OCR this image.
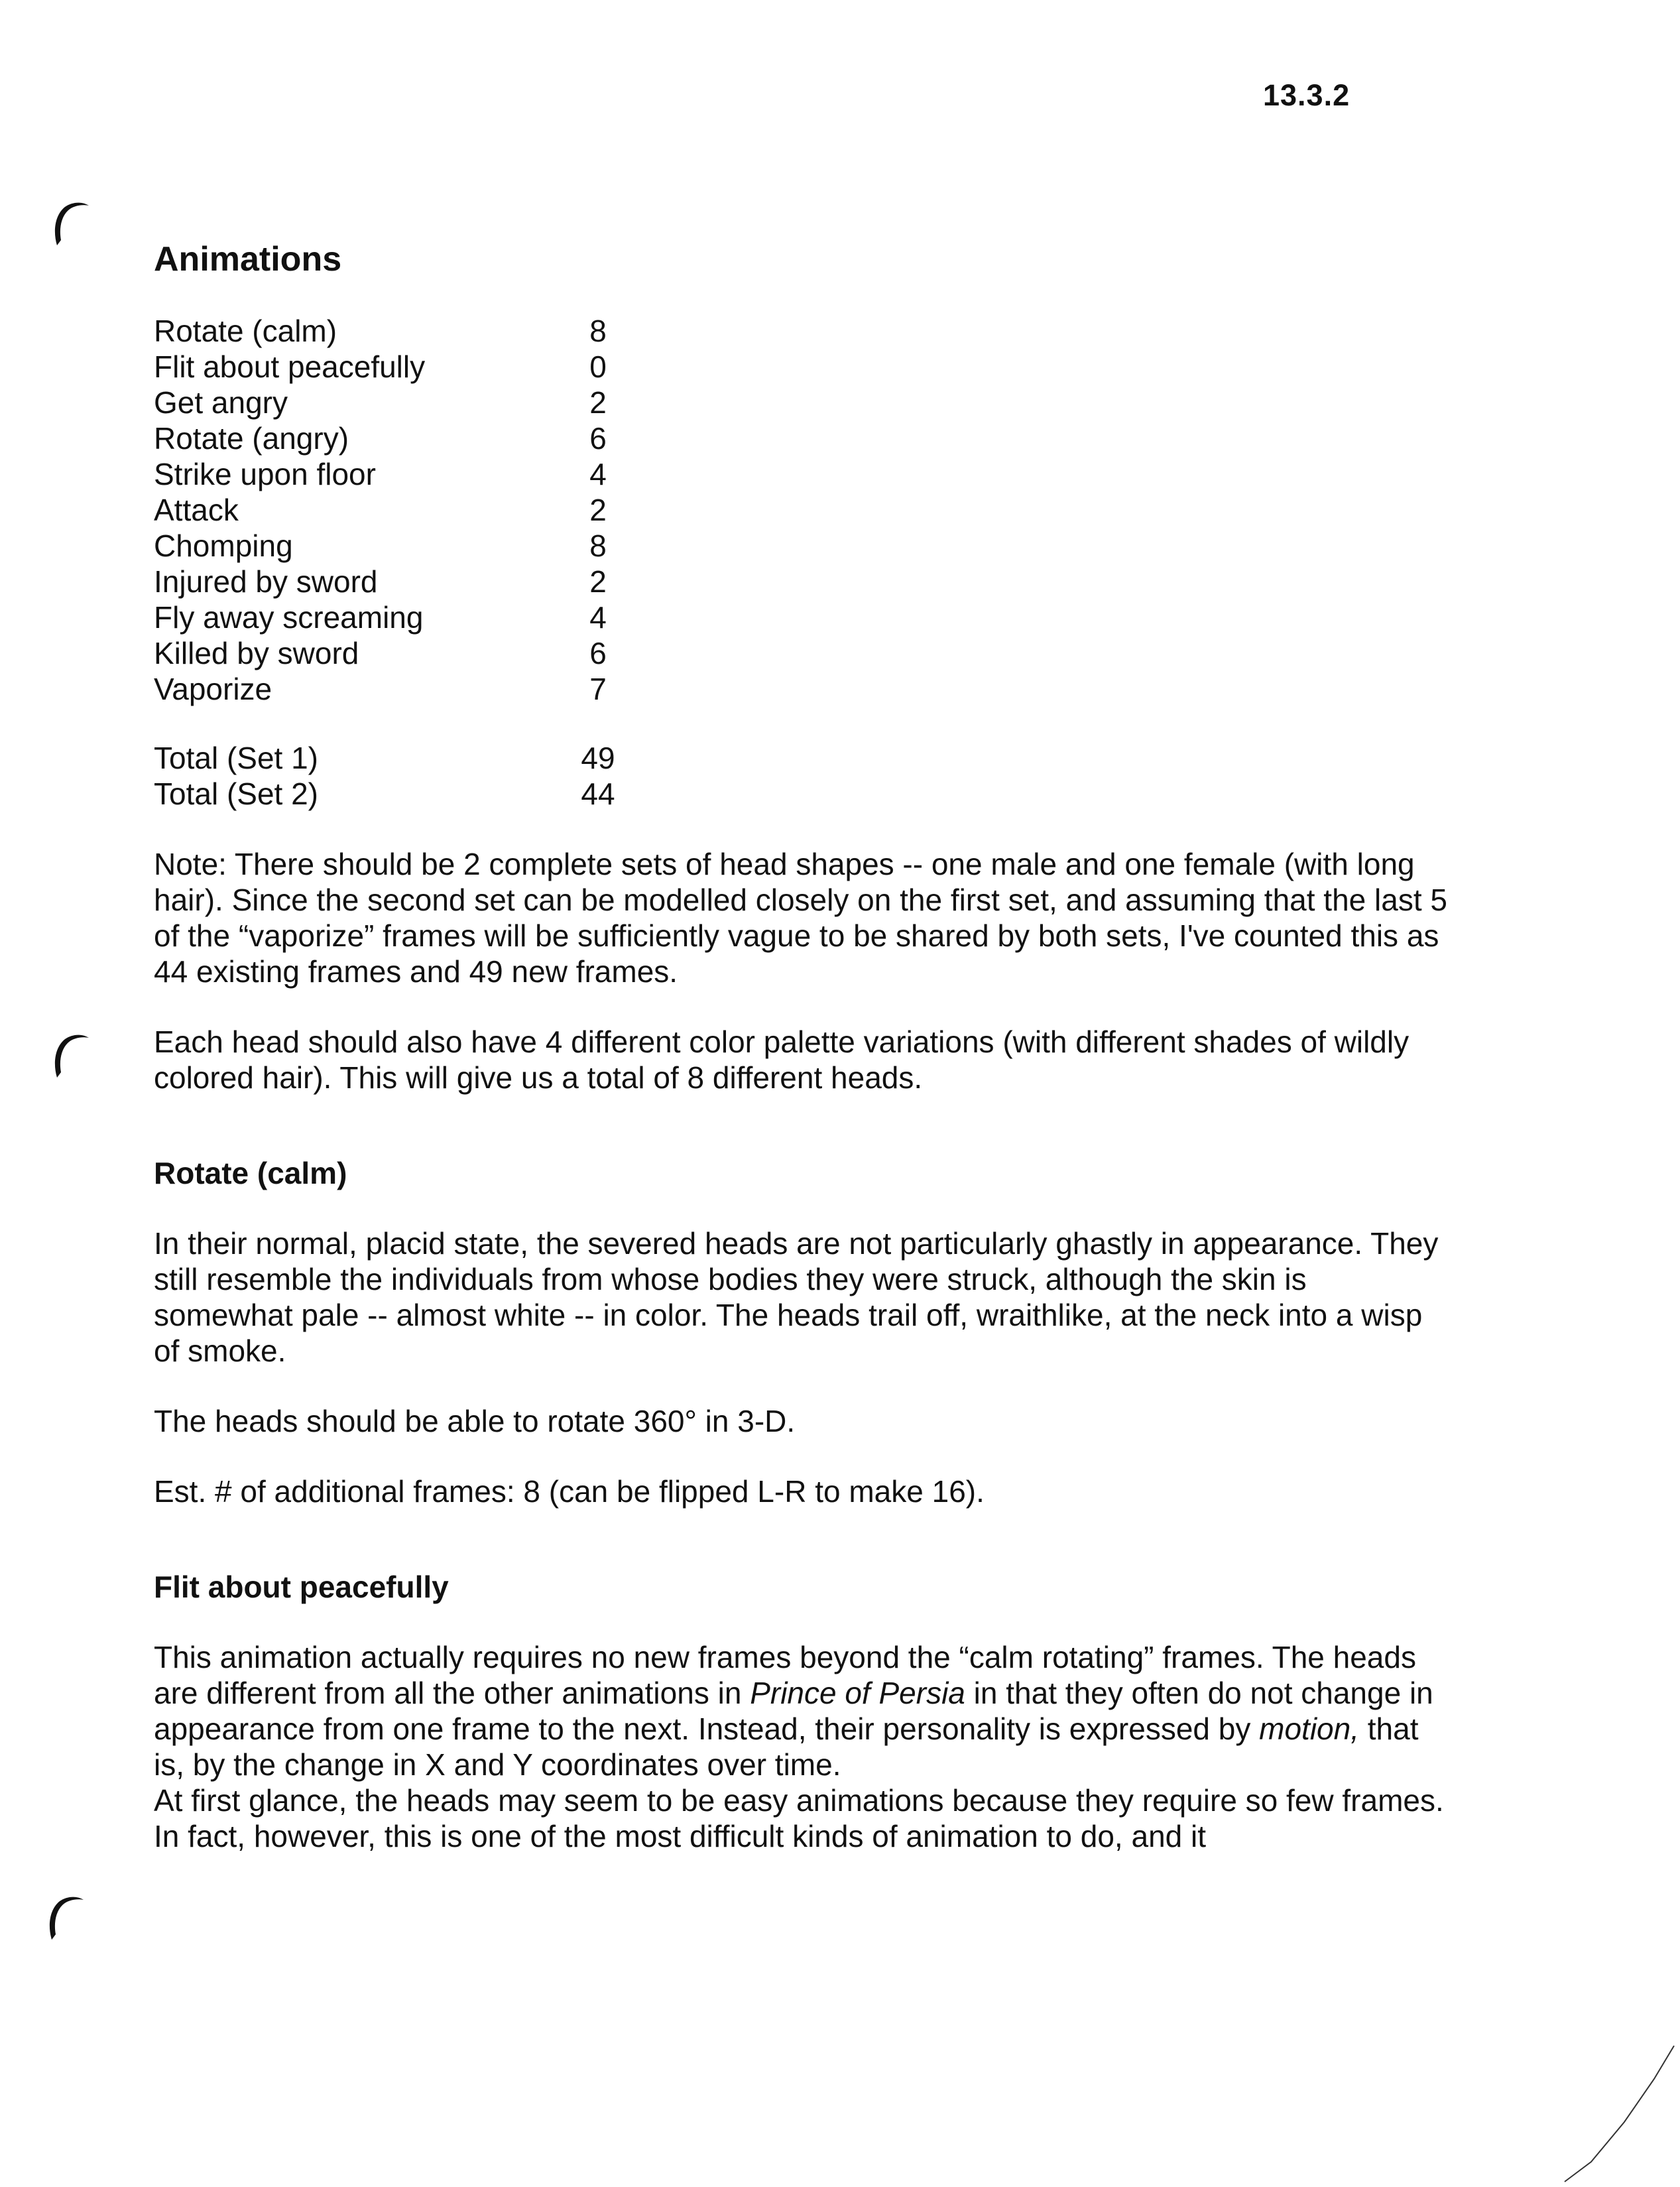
13.3.2
Animations
Rotate (calm)	8
Flit about peacefully	0
Get angry	2
Rotate (angry)	6
Strike upon floor	4
Attack	2
Chomping	8
Injured by sword	2
Fly away screaming	4
Killed by sword	6
Vaporize	7
Total (Set 1)	49
Total (Set 2)	44

Note: There should be 2 complete sets of head shapes -- one male and one female (with long hair). Since the second set can be modelled closely on the first set, and assuming that the last 5 of the “vaporize” frames will be sufficiently vague to be shared by both sets, I've counted this as 44 existing frames and 49 new frames.

Each head should also have 4 different color palette variations (with different shades of wildly colored hair). This will give us a total of 8 different heads.

Rotate (calm)

In their normal, placid state, the severed heads are not particularly ghastly in appearance. They still resemble the individuals from whose bodies they were struck, although the skin is somewhat pale -- almost white -- in color. The heads trail off, wraithlike, at the neck into a wisp of smoke.

The heads should be able to rotate 360° in 3-D.

Est. # of additional frames: 8 (can be flipped L-R to make 16).

Flit about peacefully

This animation actually requires no new frames beyond the “calm rotating” frames. The heads are different from all the other animations in Prince of Persia in that they often do not change in appearance from one frame to the next. Instead, their personality is expressed by motion, that is, by the change in X and Y coordinates over time.

At first glance, the heads may seem to be easy animations because they require so few frames. In fact, however, this is one of the most difficult kinds of animation to do, and it
